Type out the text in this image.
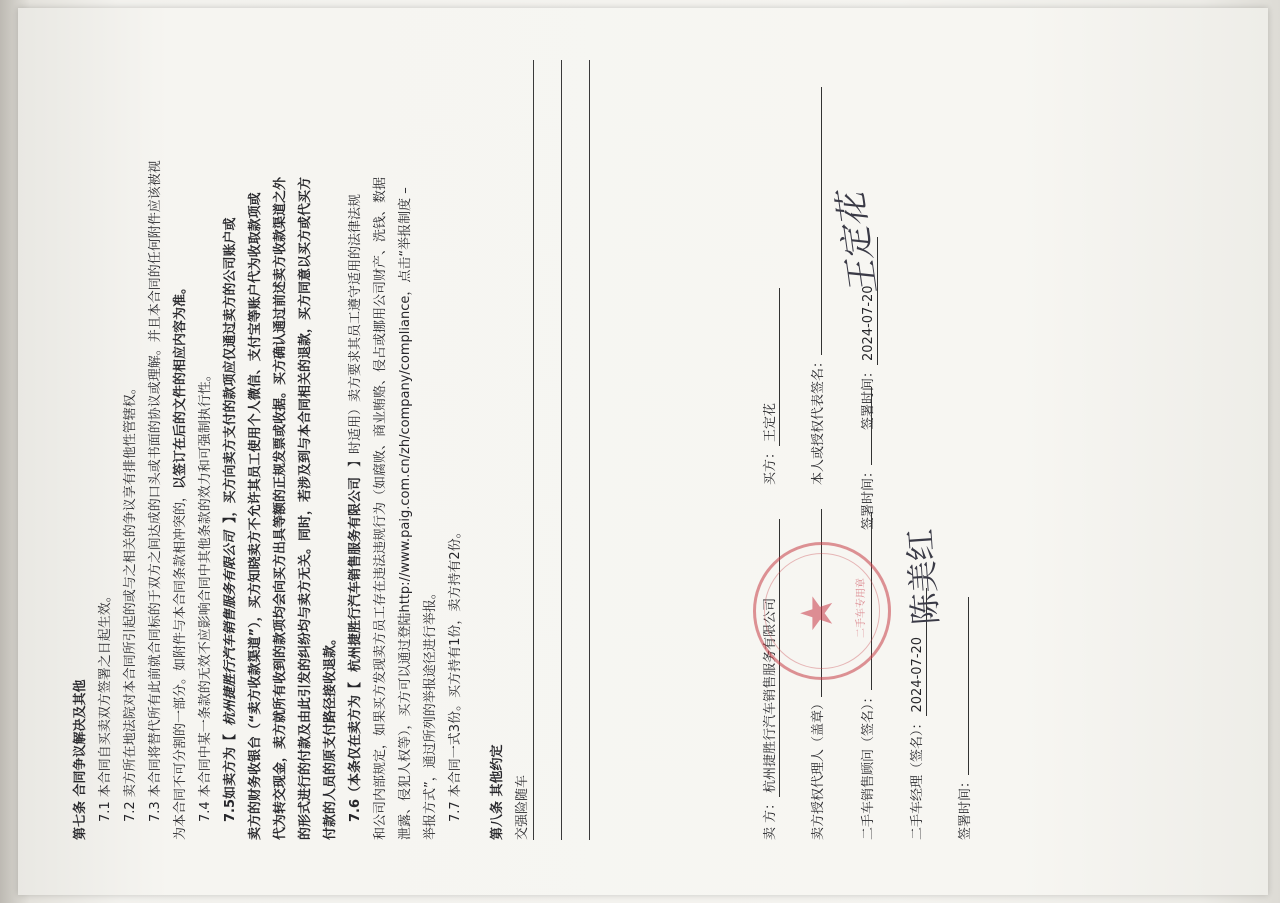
第七条 合同争议解决及其他 7.1 本合同自买卖双方签署之日起生效。 7.2 卖方所在地法院对本合同所引起的或与之相关的争议享有排他性管辖权。 7.3 本合同将替代所有此前就合同标的于双方之间达成的口头或书面的协议或理解。并且本合同的任何附件应该被视 为本合同不可分割的一部分。如附件与本合同条款相冲突的，以签订在后的文件的相应内容为准。 7.4 本合同中某一条款的无效不应影响合同中其他条款的效力和可强制执行性。 7.5如卖方为【杭州捷胜行汽车销售服务有限公司】，买方向卖方支付的款项应仅通过卖方的公司账户或 卖方的财务收银台（“卖方收款渠道”），买方知晓卖方不允许其员工使用个人微信、支付宝等账户代为收取款项或 代为转交现金，卖方就所有收到的款项均会向买方出具等额的正规发票或收据。买方确认通过前述卖方收款渠道之外 的形式进行的付款及由此引发的纠纷均与卖方无关。同时，若涉及到与本合同相关的退款，买方同意以买方或代买方 付款的人员的原支付路径接收退款。 7.6（本条仅在卖方为【杭州捷胜行汽车销售服务有限公司】时适用）卖方要求其员工遵守适用的法律法规 和公司内部规定，如果买方发现卖方员工存在违法违规行为（如腐败、商业贿赂、侵占或挪用公司财产、洗钱、数据 泄露、侵犯人权等），买方可以通过登陆http://www.paig.com.cn/zh/company/compliance，点击“举报制度 – 举报方式”，通过所列的举报途径进行举报。 7.7 本合同一式3份。买方持有1份，卖方持有2份。 第八条 其他约定 交强险随车	卖 方：杭州捷胜行汽车销售服务有限公司
买方：王定花
卖方授权代理人（盖章）
本人或授权代表签名：
二手车销售顾问（签名）：
签署时间：
签署时间：2024-07-20
二手车经理（签名）：2024-07-20
签署时间：
陈美红
王定花
★	二手车专用章
